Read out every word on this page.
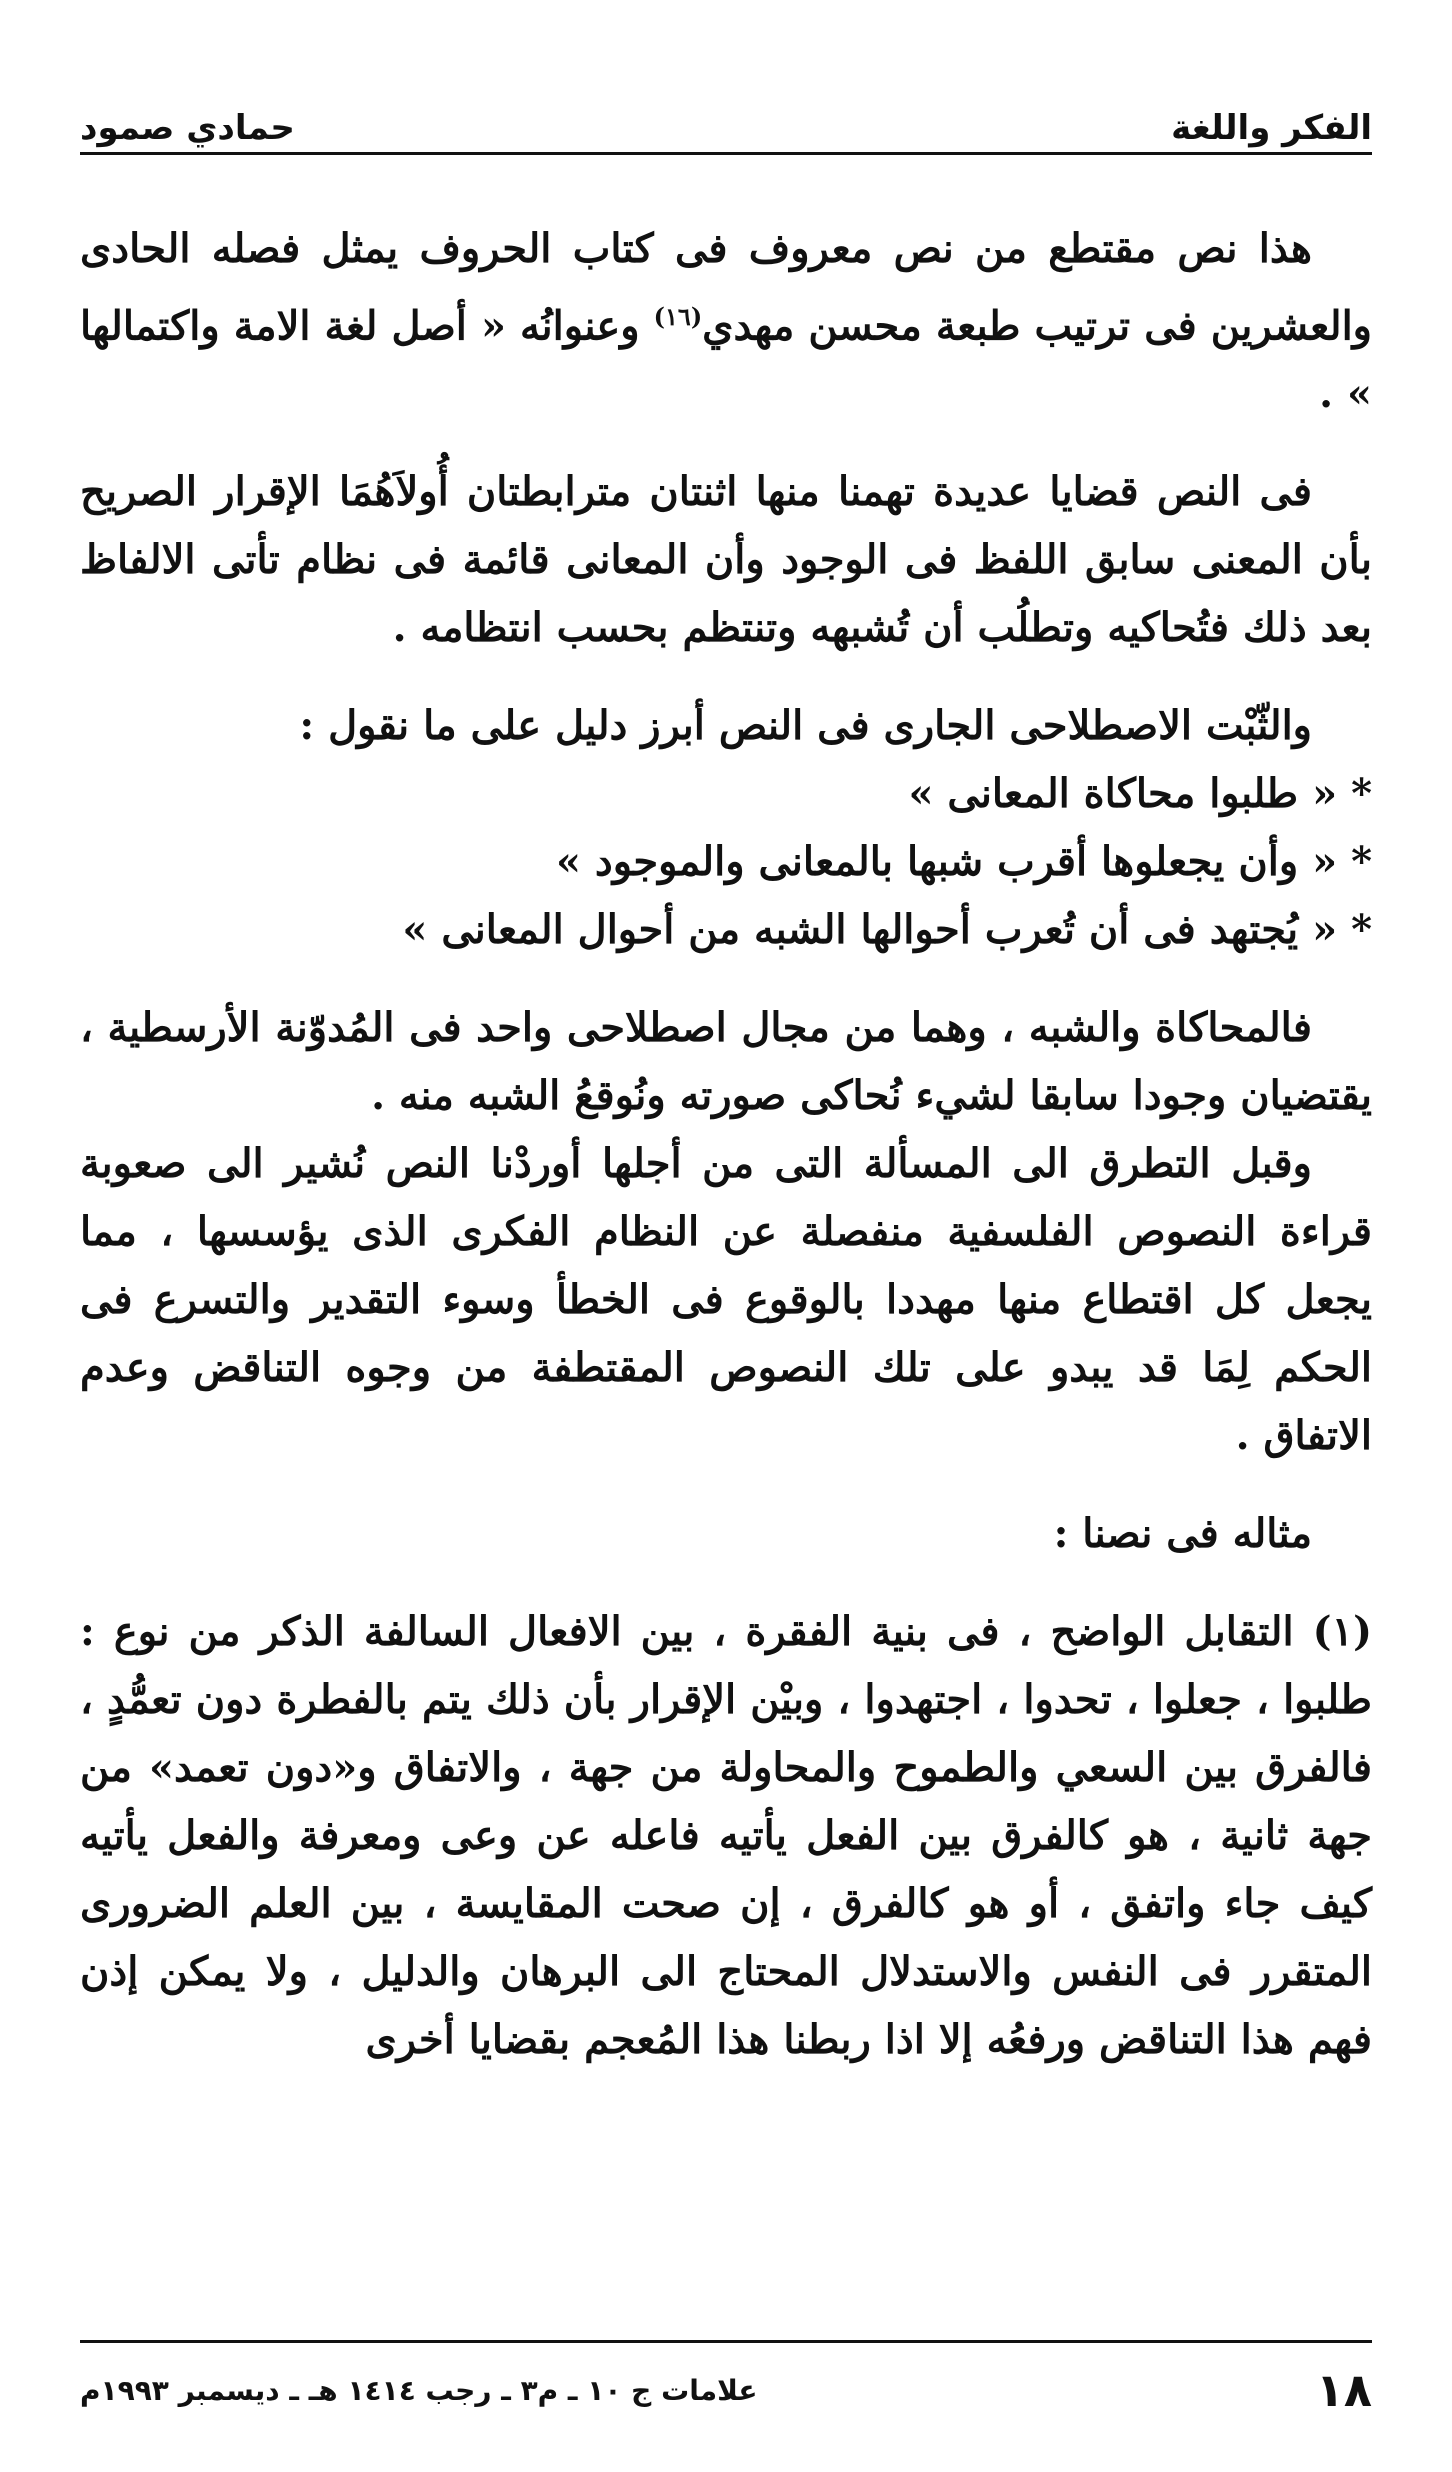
الفكر واللغة
حمادي صمود

هذا نص مقتطع من نص معروف فى كتاب الحروف يمثل فصله الحادى والعشرين فى ترتيب طبعة محسن مهدي$^{(١٦)}$ وعنوانُه « أصل لغة الامة واكتمالها » .

فى النص قضايا عديدة تهمنا منها اثنتان مترابطتان أُولاَهُمَا الإقرار الصريح بأن المعنى سابق اللفظ فى الوجود وأن المعانى قائمة فى نظام تأتى الالفاظ بعد ذلك فتُحاكيه وتطلُب أن تُشبهه وتنتظم بحسب انتظامه .

والثّبْت الاصطلاحى الجارى فى النص أبرز دليل على ما نقول :

*« طلبوا محاكاة المعانى »
*« وأن يجعلوها أقرب شبها بالمعانى والموجود »
*« يُجتهد فى أن تُعرب أحوالها الشبه من أحوال المعانى »

فالمحاكاة والشبه ، وهما من مجال اصطلاحى واحد فى المُدوّنة الأرسطية ، يقتضيان وجودا سابقا لشيء نُحاكى صورته ونُوقعُ الشبه منه .

وقبل التطرق الى المسألة التى من أجلها أوردْنا النص نُشير الى صعوبة قراءة النصوص الفلسفية منفصلة عن النظام الفكرى الذى يؤسسها ، مما يجعل كل اقتطاع منها مهددا بالوقوع فى الخطأ وسوء التقدير والتسرع فى الحكم لِمَا قد يبدو على تلك النصوص المقتطفة من وجوه التناقض وعدم الاتفاق .

مثاله فى نصنا :

(١) التقابل الواضح ، فى بنية الفقرة ، بين الافعال السالفة الذكر من نوع : طلبوا ، جعلوا ، تحدوا ، اجتهدوا ، وبيْن الإقرار بأن ذلك يتم بالفطرة دون تعمُّدٍ ، فالفرق بين السعي والطموح والمحاولة من جهة ، والاتفاق و«دون تعمد» من جهة ثانية ، هو كالفرق بين الفعل يأتيه فاعله عن وعى ومعرفة والفعل يأتيه كيف جاء واتفق ، أو هو كالفرق ، إن صحت المقايسة ، بين العلم الضرورى المتقرر فى النفس والاستدلال المحتاج الى البرهان والدليل ، ولا يمكن إذن فهم هذا التناقض ورفعُه إلا اذا ربطنا هذا المُعجم بقضايا أخرى

١٨
علامات ج ١٠ ـ م٣ ـ رجب ١٤١٤ هـ ـ ديسمبر ١٩٩٣م
